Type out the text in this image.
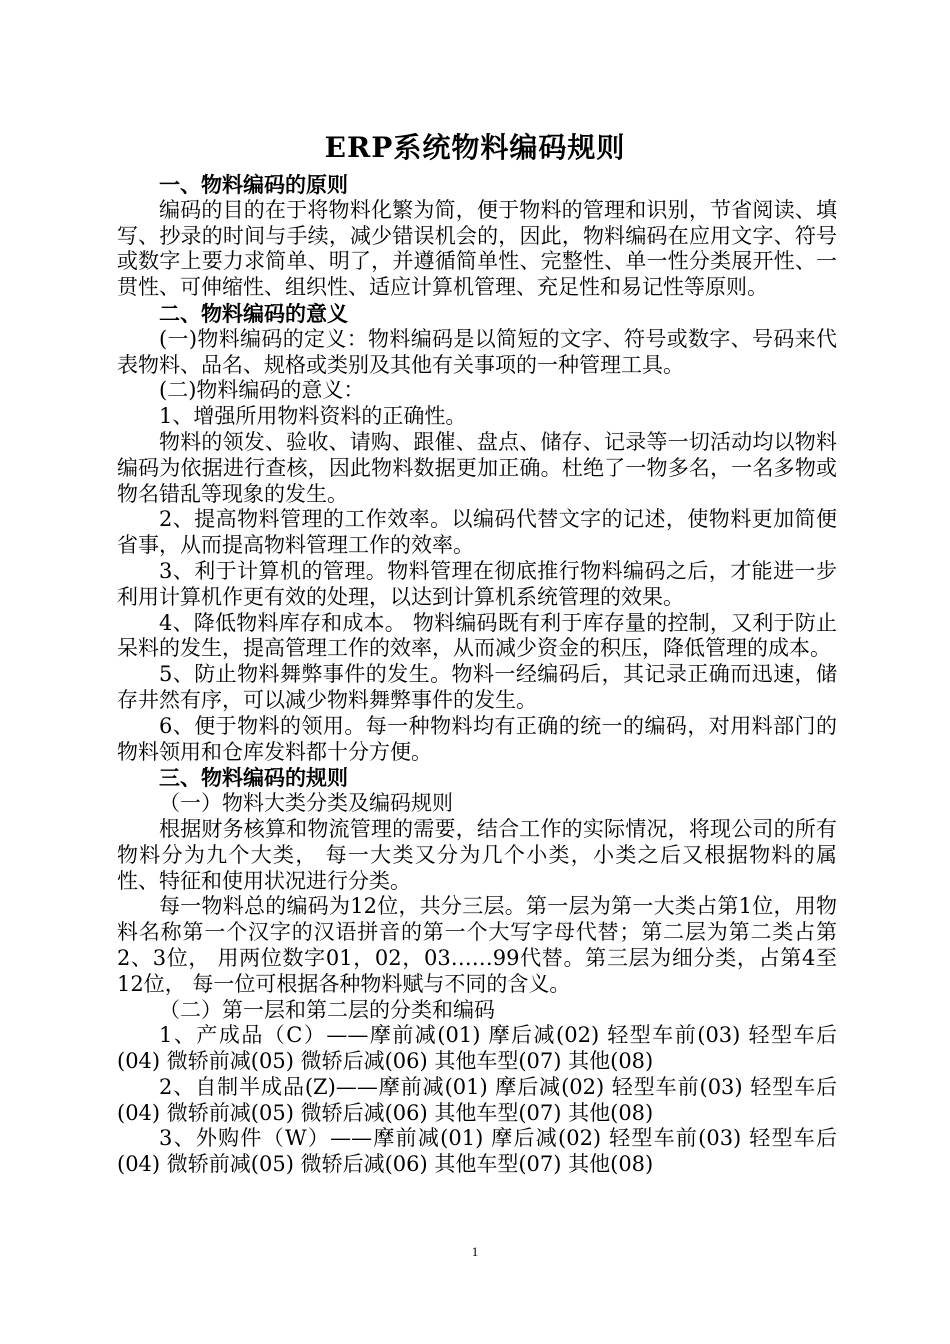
ERP系统物料编码规则

一、物料编码的原则

编码的目的在于将物料化繁为简，便于物料的管理和识别，节省阅读、填写、抄录的时间与手续，减少错误机会的，因此，物料编码在应用文字、符号或数字上要力求简单、明了，并遵循简单性、完整性、单一性分类展开性、一贯性、可伸缩性、组织性、适应计算机管理、充足性和易记性等原则。

二、物料编码的意义

(一)物料编码的定义：物料编码是以简短的文字、符号或数字、号码来代表物料、品名、规格或类别及其他有关事项的一种管理工具。

(二)物料编码的意义：

1、增强所用物料资料的正确性。

物料的领发、验收、请购、跟催、盘点、储存、记录等一切活动均以物料编码为依据进行查核，因此物料数据更加正确。杜绝了一物多名，一名多物或物名错乱等现象的发生。

2、提高物料管理的工作效率。以编码代替文字的记述，使物料更加简便省事，从而提高物料管理工作的效率。

3、利于计算机的管理。物料管理在彻底推行物料编码之后，才能进一步利用计算机作更有效的处理，以达到计算机系统管理的效果。

4、降低物料库存和成本。 物料编码既有利于库存量的控制，又利于防止呆料的发生，提高管理工作的效率，从而减少资金的积压，降低管理的成本。

5、防止物料舞弊事件的发生。物料一经编码后，其记录正确而迅速，储存井然有序，可以减少物料舞弊事件的发生。

6、便于物料的领用。每一种物料均有正确的统一的编码，对用料部门的物料领用和仓库发料都十分方便。

三、物料编码的规则

（一）物料大类分类及编码规则

根据财务核算和物流管理的需要，结合工作的实际情况，将现公司的所有物料分为九个大类， 每一大类又分为几个小类，小类之后又根据物料的属性、特征和使用状况进行分类。

每一物料总的编码为12位，共分三层。第一层为第一大类占第1位，用物料名称第一个汉字的汉语拼音的第一个大写字母代替；第二层为第二类占第2、3位， 用两位数字01，02，03……99代替。第三层为细分类，占第4至12位， 每一位可根据各种物料赋与不同的含义。

（二）第一层和第二层的分类和编码

1、产成品（C）——摩前减(01) 摩后减(02) 轻型车前(03) 轻型车后(04) 微轿前减(05) 微轿后减(06) 其他车型(07) 其他(08)

2、自制半成品(Z)——摩前减(01) 摩后减(02) 轻型车前(03) 轻型车后(04) 微轿前减(05) 微轿后减(06) 其他车型(07) 其他(08)

3、外购件（W）——摩前减(01) 摩后减(02) 轻型车前(03) 轻型车后(04) 微轿前减(05) 微轿后减(06) 其他车型(07) 其他(08)

1
